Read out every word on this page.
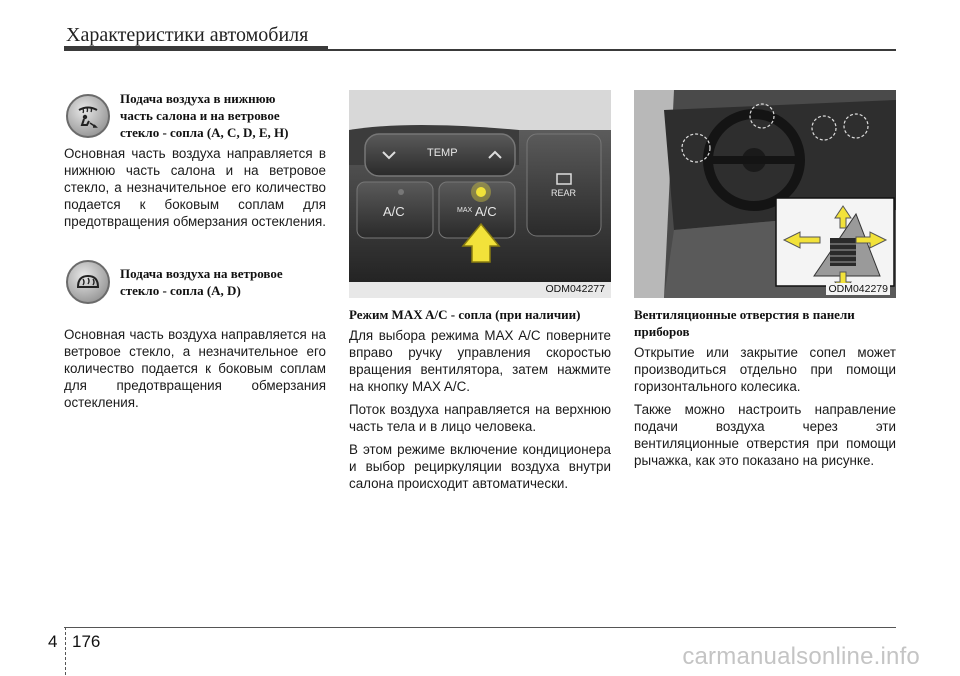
Характеристики автомобиля
Подача воздуха в нижнюю
часть салона и на ветровое
стекло - сопла (A, C, D, E, H)

Основная часть воздуха направляется в нижнюю часть салона и на ветровое стекло, а незначительное его количество подается к боковым соплам для предотвращения обмерзания остекления.

Подача воздуха на ветровое
стекло - сопла (A, D)

Основная часть воздуха направляется на ветровое стекло, а незначительное его количество подается к боковым соплам для предотвращения обмерзания остекления.

TEMP
A/C	MAX A/C
REAR
ODM042277
Режим MAX A/C - сопла (при наличии)

Для выбора режима MAX A/C поверните вправо ручку управления скоростью вращения вентилятора, затем нажмите на кнопку MAX A/C.

Поток воздуха направляется на верхнюю часть тела и в лицо человека.

В этом режиме включение кондиционера и выбор рециркуляции воздуха внутри салона происходит автоматически.

ODM042279
Вентиляционные отверстия в панели приборов

Открытие или закрытие сопел может производиться отдельно при помощи горизонтального колесика.

Также можно настроить направление подачи воздуха через эти вентиляционные отверстия при помощи рычажка, как это показано на рисунке.

4 176
carmanualsonline.info
